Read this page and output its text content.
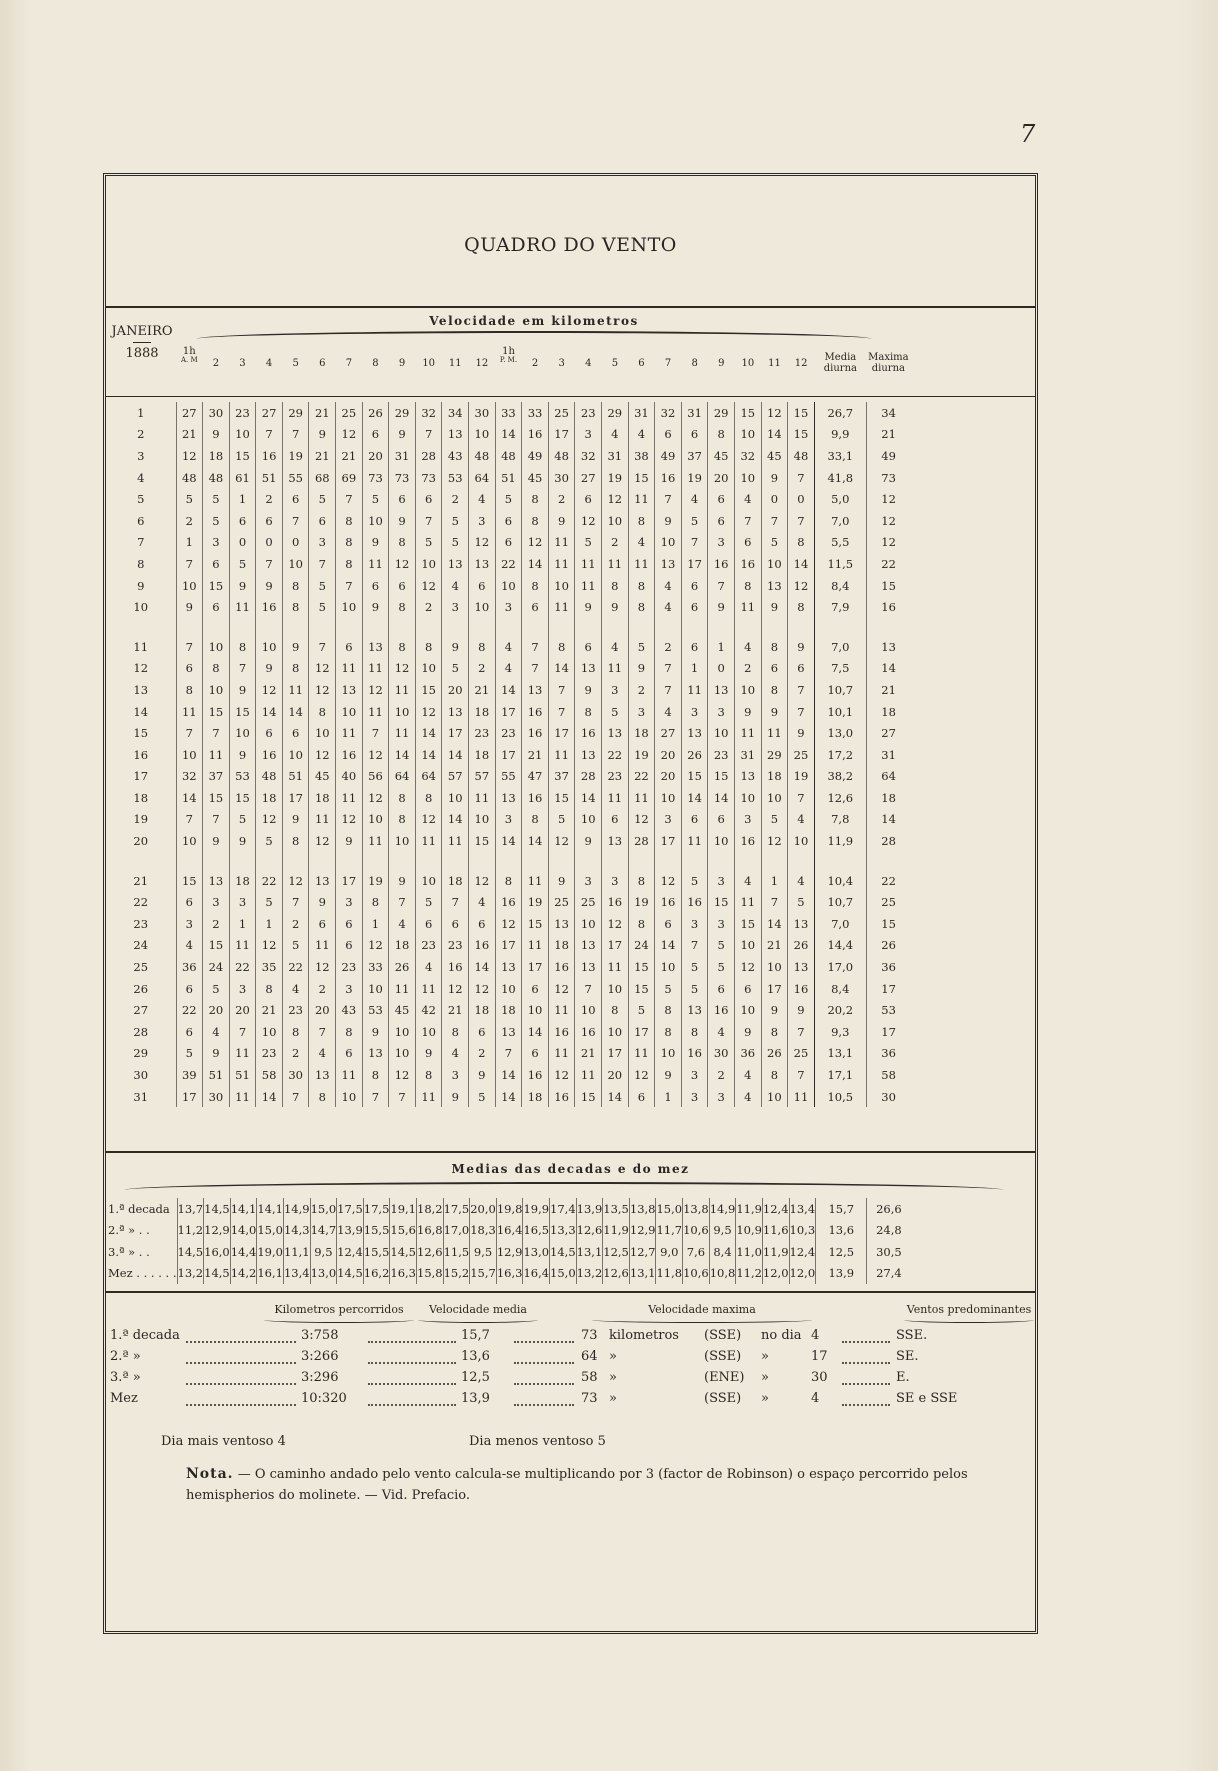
7
QUADRO DO VENTO
JANEIRO
1888
Velocidade em kilometros
1h
A. M	2	3	4	5	6	7	8	9	10	11	12
1h
P. M.	2	3	4	5	6	7	8	9	10	11	12
Media diurna
Maxima diurna
1	27	30	23	27	29	21	25	26	29	32	34	30	33	33	25	23	29	31	32	31	29	15	12	15	26,7	34
2	21	9	10	7	7	9	12	6	9	7	13	10	14	16	17	3	4	4	6	6	8	10	14	15	9,9	21
3	12	18	15	16	19	21	21	20	31	28	43	48	48	49	48	32	31	38	49	37	45	32	45	48	33,1	49
4	48	48	61	51	55	68	69	73	73	73	53	64	51	45	30	27	19	15	16	19	20	10	9	7	41,8	73
5	5	5	1	2	6	5	7	5	6	6	2	4	5	8	2	6	12	11	7	4	6	4	0	0	5,0	12
6	2	5	6	6	7	6	8	10	9	7	5	3	6	8	9	12	10	8	9	5	6	7	7	7	7,0	12
7	1	3	0	0	0	3	8	9	8	5	5	12	6	12	11	5	2	4	10	7	3	6	5	8	5,5	12
8	7	6	5	7	10	7	8	11	12	10	13	13	22	14	11	11	11	11	13	17	16	16	10	14	11,5	22
9	10	15	9	9	8	5	7	6	6	12	4	6	10	8	10	11	8	8	4	6	7	8	13	12	8,4	15
10	9	6	11	16	8	5	10	9	8	2	3	10	3	6	11	9	9	8	4	6	9	11	9	8	7,9	16

11	7	10	8	10	9	7	6	13	8	8	9	8	4	7	8	6	4	5	2	6	1	4	8	9	7,0	13
12	6	8	7	9	8	12	11	11	12	10	5	2	4	7	14	13	11	9	7	1	0	2	6	6	7,5	14
13	8	10	9	12	11	12	13	12	11	15	20	21	14	13	7	9	3	2	7	11	13	10	8	7	10,7	21
14	11	15	15	14	14	8	10	11	10	12	13	18	17	16	7	8	5	3	4	3	3	9	9	7	10,1	18
15	7	7	10	6	6	10	11	7	11	14	17	23	23	16	17	16	13	18	27	13	10	11	11	9	13,0	27
16	10	11	9	16	10	12	16	12	14	14	14	18	17	21	11	13	22	19	20	26	23	31	29	25	17,2	31
17	32	37	53	48	51	45	40	56	64	64	57	57	55	47	37	28	23	22	20	15	15	13	18	19	38,2	64
18	14	15	15	18	17	18	11	12	8	8	10	11	13	16	15	14	11	11	10	14	14	10	10	7	12,6	18
19	7	7	5	12	9	11	12	10	8	12	14	10	3	8	5	10	6	12	3	6	6	3	5	4	7,8	14
20	10	9	9	5	8	12	9	11	10	11	11	15	14	14	12	9	13	28	17	11	10	16	12	10	11,9	28

21	15	13	18	22	12	13	17	19	9	10	18	12	8	11	9	3	3	8	12	5	3	4	1	4	10,4	22
22	6	3	3	5	7	9	3	8	7	5	7	4	16	19	25	25	16	19	16	16	15	11	7	5	10,7	25
23	3	2	1	1	2	6	6	1	4	6	6	6	12	15	13	10	12	8	6	3	3	15	14	13	7,0	15
24	4	15	11	12	5	11	6	12	18	23	23	16	17	11	18	13	17	24	14	7	5	10	21	26	14,4	26
25	36	24	22	35	22	12	23	33	26	4	16	14	13	17	16	13	11	15	10	5	5	12	10	13	17,0	36
26	6	5	3	8	4	2	3	10	11	11	12	12	10	6	12	7	10	15	5	5	6	6	17	16	8,4	17
27	22	20	20	21	23	20	43	53	45	42	21	18	18	10	11	10	8	5	8	13	16	10	9	9	20,2	53
28	6	4	7	10	8	7	8	9	10	10	8	6	13	14	16	16	10	17	8	8	4	9	8	7	9,3	17
29	5	9	11	23	2	4	6	13	10	9	4	2	7	6	11	21	17	11	10	16	30	36	26	25	13,1	36
30	39	51	51	58	30	13	11	8	12	8	3	9	14	16	12	11	20	12	9	3	2	4	8	7	17,1	58
31	17	30	11	14	7	8	10	7	7	11	9	5	14	18	16	15	14	6	1	3	3	4	10	11	10,5	30
Medias das decadas e do mez
1.ª decada	13,7	14,5	14,1	14,1	14,9	15,0	17,5	17,5	19,1	18,2	17,5	20,0	19,8	19,9	17,4	13,9	13,5	13,8	15,0	13,8	14,9	11,9	12,4	13,4	15,7	26,6
2.ª » . .	11,2	12,9	14,0	15,0	14,3	14,7	13,9	15,5	15,6	16,8	17,0	18,3	16,4	16,5	13,3	12,6	11,9	12,9	11,7	10,6	9,5	10,9	11,6	10,3	13,6	24,8
3.ª » . .	14,5	16,0	14,4	19,0	11,1	9,5	12,4	15,5	14,5	12,6	11,5	9,5	12,9	13,0	14,5	13,1	12,5	12,7	9,0	7,6	8,4	11,0	11,9	12,4	12,5	30,5
Mez . . . . . .	13,2	14,5	14,2	16,1	13,4	13,0	14,5	16,2	16,3	15,8	15,2	15,7	16,3	16,4	15,0	13,2	12,6	13,1	11,8	10,6	10,8	11,2	12,0	12,0	13,9	27,4
Kilometros percorridos	Velocidade media	Velocidade maxima	Ventos predominantes
1.ª decada	3:758	15,7	73 kilometros (SSE) no dia 4	SSE.
2.ª »	3:266	13,6	64 »	(SSE) »	17	SE.
3.ª »	3:296	12,5	58 »	(ENE) »	30	E.
Mez	10:320	13,9	73 »	(SSE) »	4	SE e SSE
Dia mais ventoso 4	Dia menos ventoso 5
Nota. — O caminho andado pelo vento calcula-se multiplicando por 3 (factor de Robinson) o espaço percorrido pelos hemispherios do molinete. — Vid. Prefacio.
